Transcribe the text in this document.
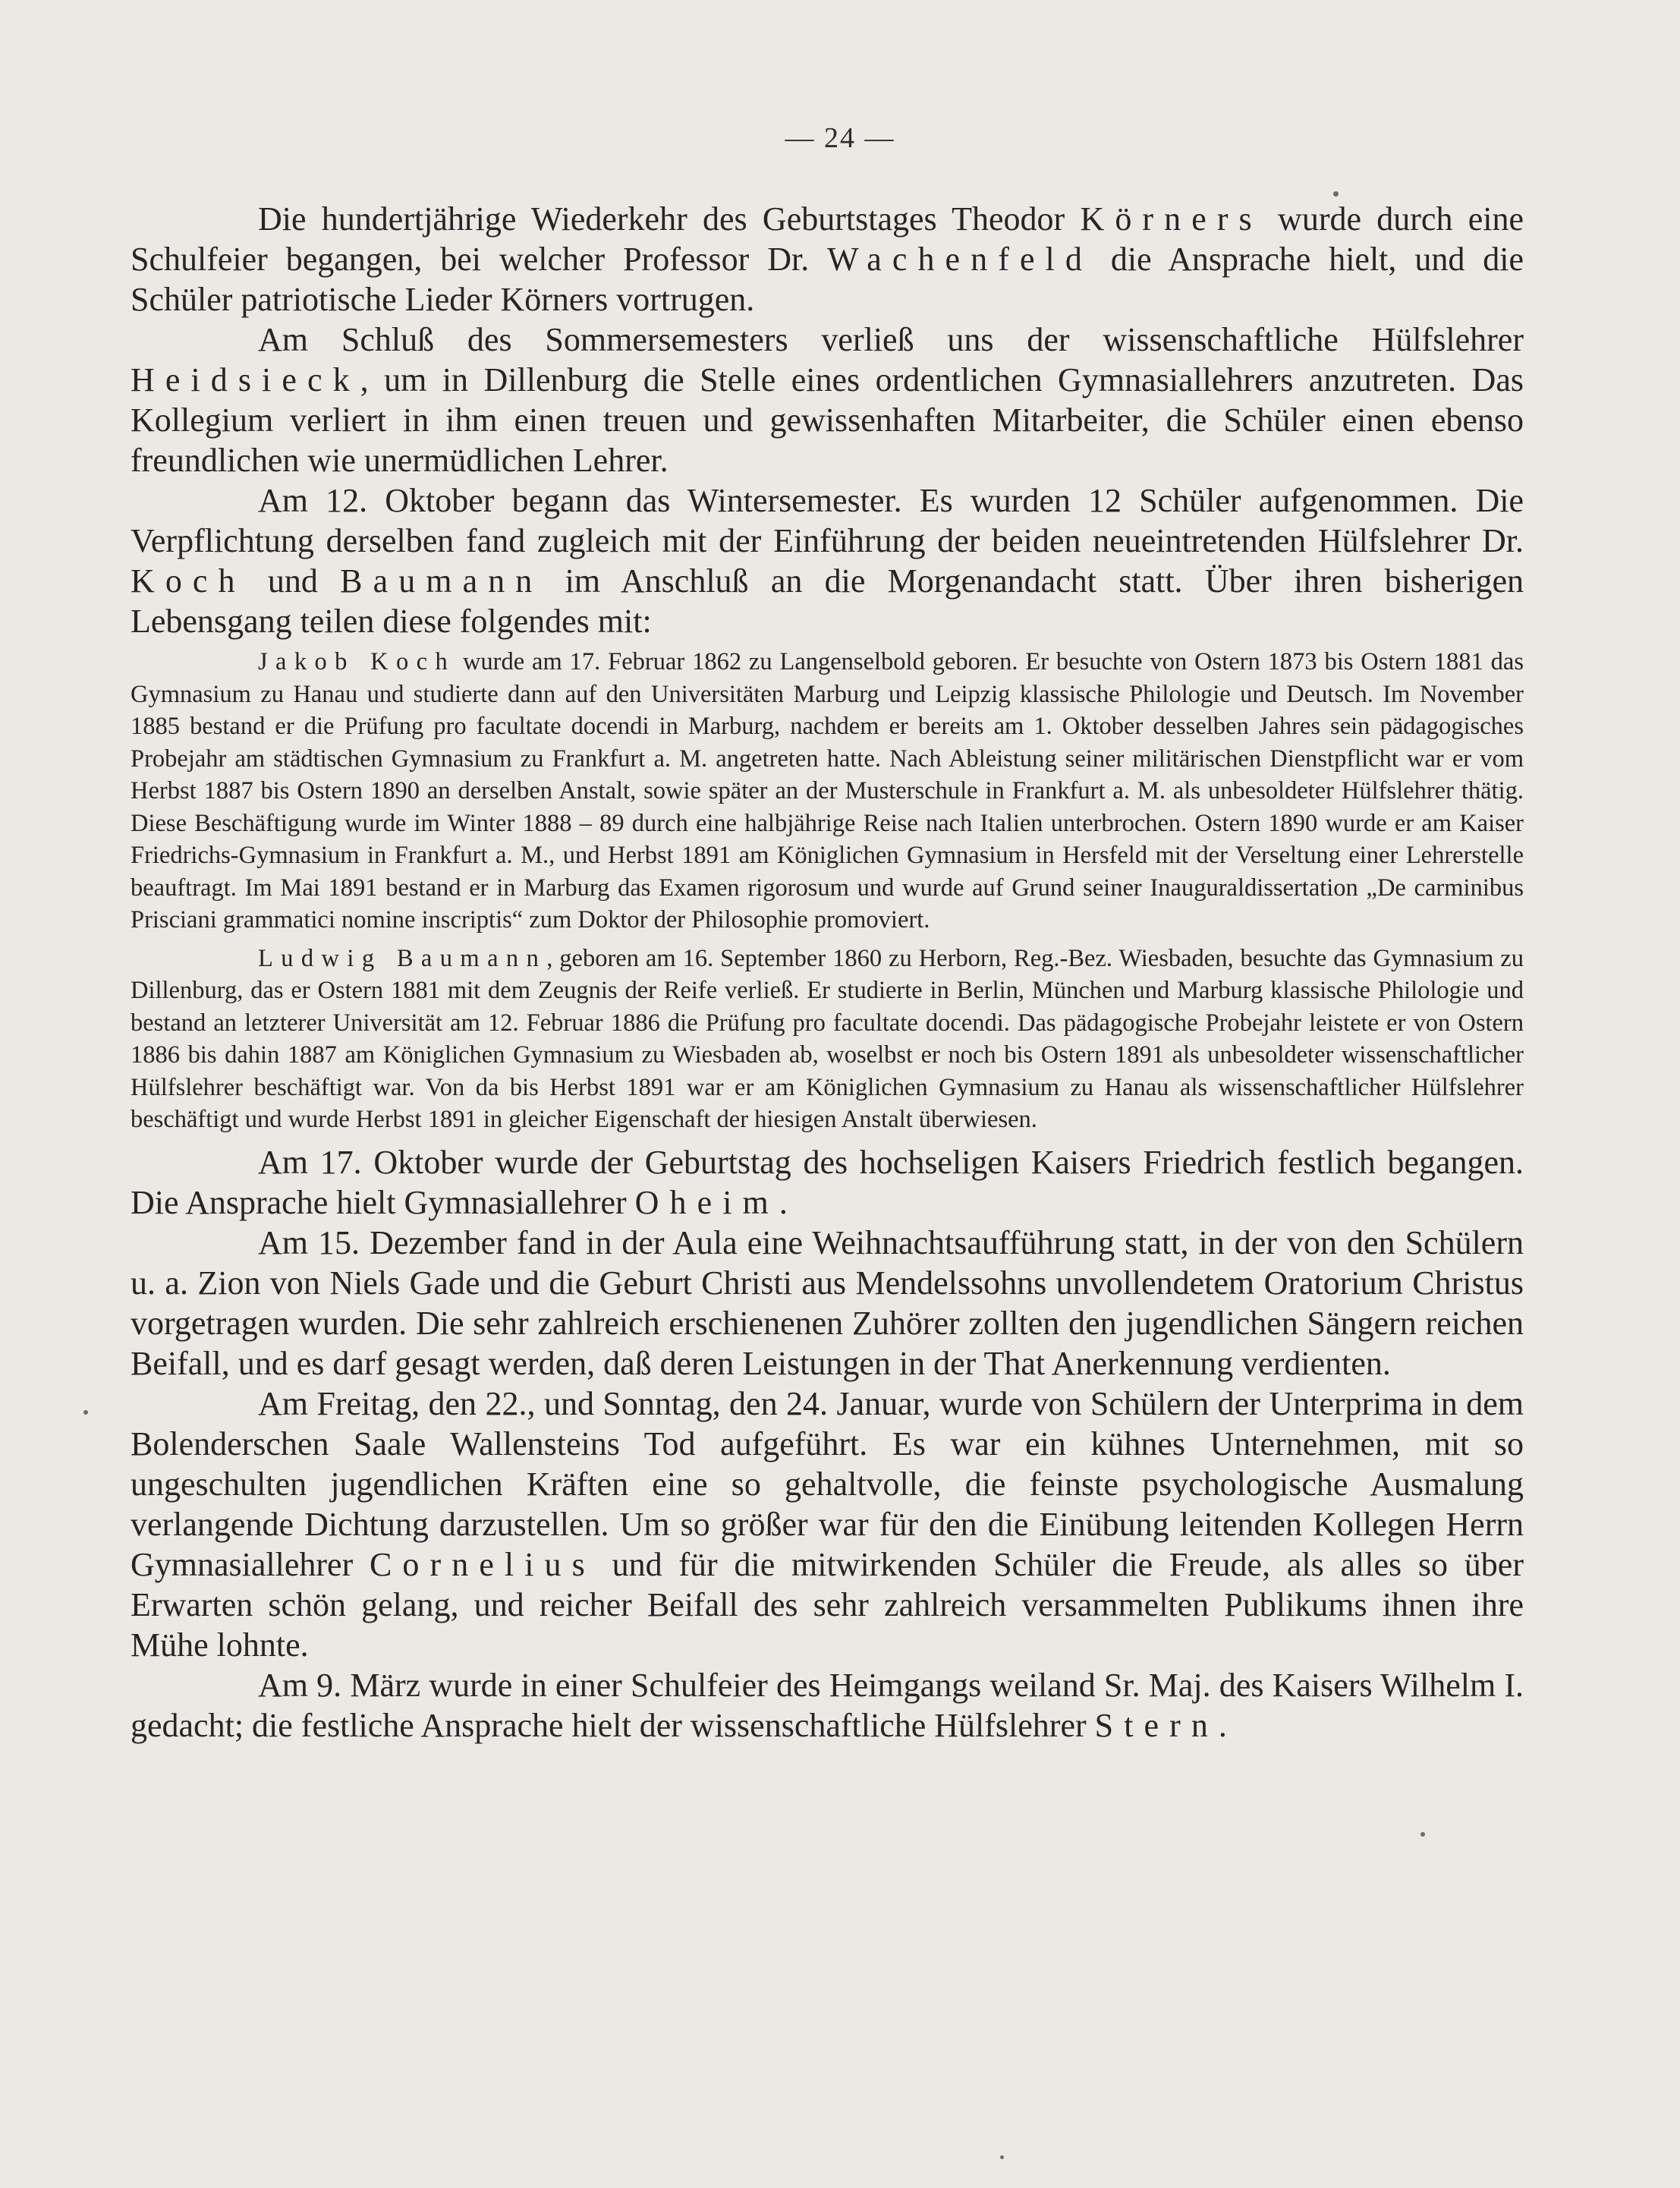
— 24 —

Die hundertjährige Wiederkehr des Geburtstages Theodor Körners wurde durch eine Schulfeier begangen, bei welcher Professor Dr. Wachenfeld die Ansprache hielt, und die Schüler patriotische Lieder Körners vortrugen.

Am Schluß des Sommersemesters verließ uns der wissenschaftliche Hülfslehrer Heidsieck, um in Dillenburg die Stelle eines ordentlichen Gymnasiallehrers anzutreten. Das Kollegium verliert in ihm einen treuen und gewissenhaften Mitarbeiter, die Schüler einen ebenso freundlichen wie unermüdlichen Lehrer.

Am 12. Oktober begann das Wintersemester. Es wurden 12 Schüler aufgenommen. Die Verpflichtung derselben fand zugleich mit der Einführung der beiden neueintretenden Hülfslehrer Dr. Koch und Baumann im Anschluß an die Morgenandacht statt. Über ihren bisherigen Lebensgang teilen diese folgendes mit:

Jakob Koch wurde am 17. Februar 1862 zu Langenselbold geboren. Er besuchte von Ostern 1873 bis Ostern 1881 das Gymnasium zu Hanau und studierte dann auf den Universitäten Marburg und Leipzig klassische Philologie und Deutsch. Im November 1885 bestand er die Prüfung pro facultate docendi in Marburg, nachdem er bereits am 1. Oktober desselben Jahres sein pädagogisches Probejahr am städtischen Gymnasium zu Frankfurt a. M. angetreten hatte. Nach Ableistung seiner militärischen Dienstpflicht war er vom Herbst 1887 bis Ostern 1890 an derselben Anstalt, sowie später an der Musterschule in Frankfurt a. M. als unbesoldeter Hülfslehrer thätig. Diese Beschäftigung wurde im Winter 1888 – 89 durch eine halbjährige Reise nach Italien unterbrochen. Ostern 1890 wurde er am Kaiser Friedrichs-Gymnasium in Frankfurt a. M., und Herbst 1891 am Königlichen Gymnasium in Hersfeld mit der Verseltung einer Lehrerstelle beauftragt. Im Mai 1891 bestand er in Marburg das Examen rigorosum und wurde auf Grund seiner Inauguraldissertation „De carminibus Prisciani grammatici nomine inscriptis“ zum Doktor der Philosophie promoviert.

Ludwig Baumann, geboren am 16. September 1860 zu Herborn, Reg.-Bez. Wiesbaden, besuchte das Gymnasium zu Dillenburg, das er Ostern 1881 mit dem Zeugnis der Reife verließ. Er studierte in Berlin, München und Marburg klassische Philologie und bestand an letzterer Universität am 12. Februar 1886 die Prüfung pro facultate docendi. Das pädagogische Probejahr leistete er von Ostern 1886 bis dahin 1887 am Königlichen Gymnasium zu Wiesbaden ab, woselbst er noch bis Ostern 1891 als unbesoldeter wissenschaftlicher Hülfslehrer beschäftigt war. Von da bis Herbst 1891 war er am Königlichen Gymnasium zu Hanau als wissenschaftlicher Hülfslehrer beschäftigt und wurde Herbst 1891 in gleicher Eigenschaft der hiesigen Anstalt überwiesen.

Am 17. Oktober wurde der Geburtstag des hochseligen Kaisers Friedrich festlich begangen. Die Ansprache hielt Gymnasiallehrer Oheim.

Am 15. Dezember fand in der Aula eine Weihnachtsaufführung statt, in der von den Schülern u. a. Zion von Niels Gade und die Geburt Christi aus Mendelssohns unvollendetem Oratorium Christus vorgetragen wurden. Die sehr zahlreich erschienenen Zuhörer zollten den jugendlichen Sängern reichen Beifall, und es darf gesagt werden, daß deren Leistungen in der That Anerkennung verdienten.

Am Freitag, den 22., und Sonntag, den 24. Januar, wurde von Schülern der Unterprima in dem Bolenderschen Saale Wallensteins Tod aufgeführt. Es war ein kühnes Unternehmen, mit so ungeschulten jugendlichen Kräften eine so gehaltvolle, die feinste psychologische Ausmalung verlangende Dichtung darzustellen. Um so größer war für den die Einübung leitenden Kollegen Herrn Gymnasiallehrer Cornelius und für die mitwirkenden Schüler die Freude, als alles so über Erwarten schön gelang, und reicher Beifall des sehr zahlreich versammelten Publikums ihnen ihre Mühe lohnte.

Am 9. März wurde in einer Schulfeier des Heimgangs weiland Sr. Maj. des Kaisers Wilhelm I. gedacht; die festliche Ansprache hielt der wissenschaftliche Hülfslehrer Stern.
